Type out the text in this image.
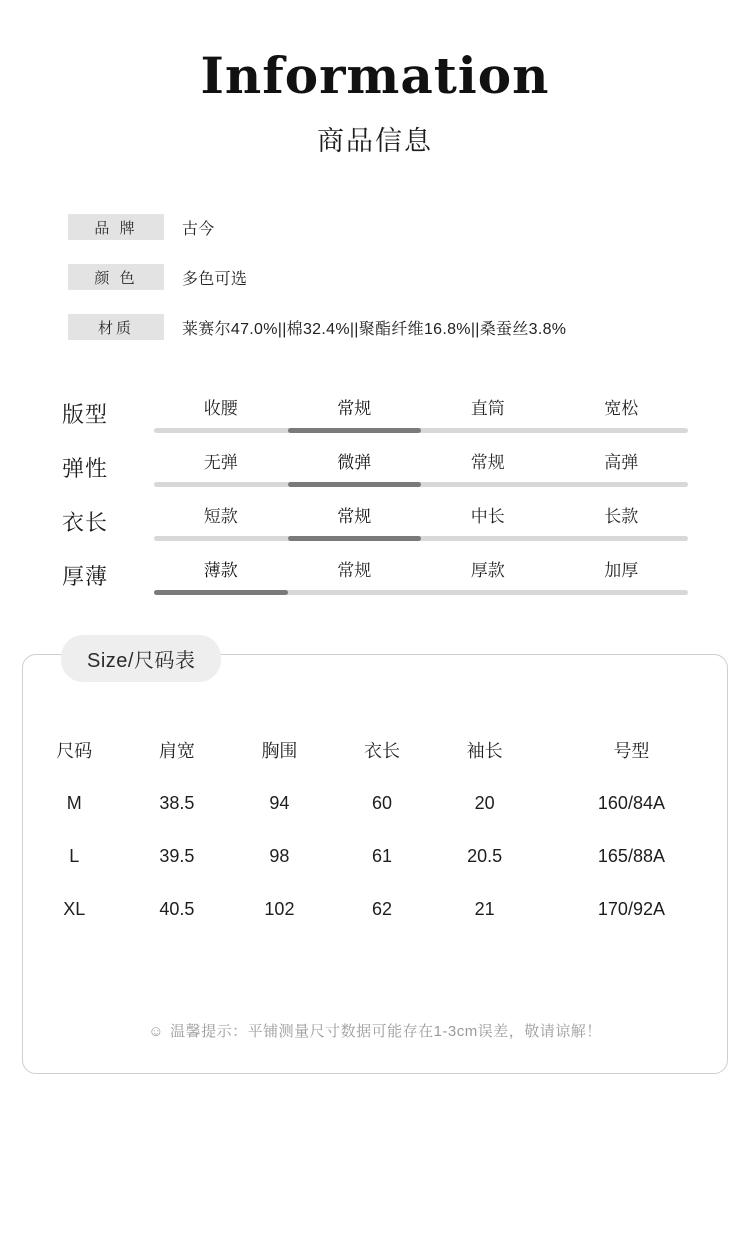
Information
商品信息
品 牌	古今
颜 色	多色可选
材质	莱赛尔47.0%||棉32.4%||聚酯纤维16.8%||桑蚕丝3.8%
版型	收腰	常规	直筒	宽松
弹性	无弹	微弹	常规	高弹
衣长	短款	常规	中长	长款
厚薄	薄款	常规	厚款	加厚
Size/尺码表
尺码	肩宽	胸围	衣长	袖长	号型
M	38.5	94	60	20	160/84A
L	39.5	98	61	20.5	165/88A
XL	40.5	102	62	21	170/92A
☺ 温馨提示：平铺测量尺寸数据可能存在1-3cm误差，敬请谅解！
